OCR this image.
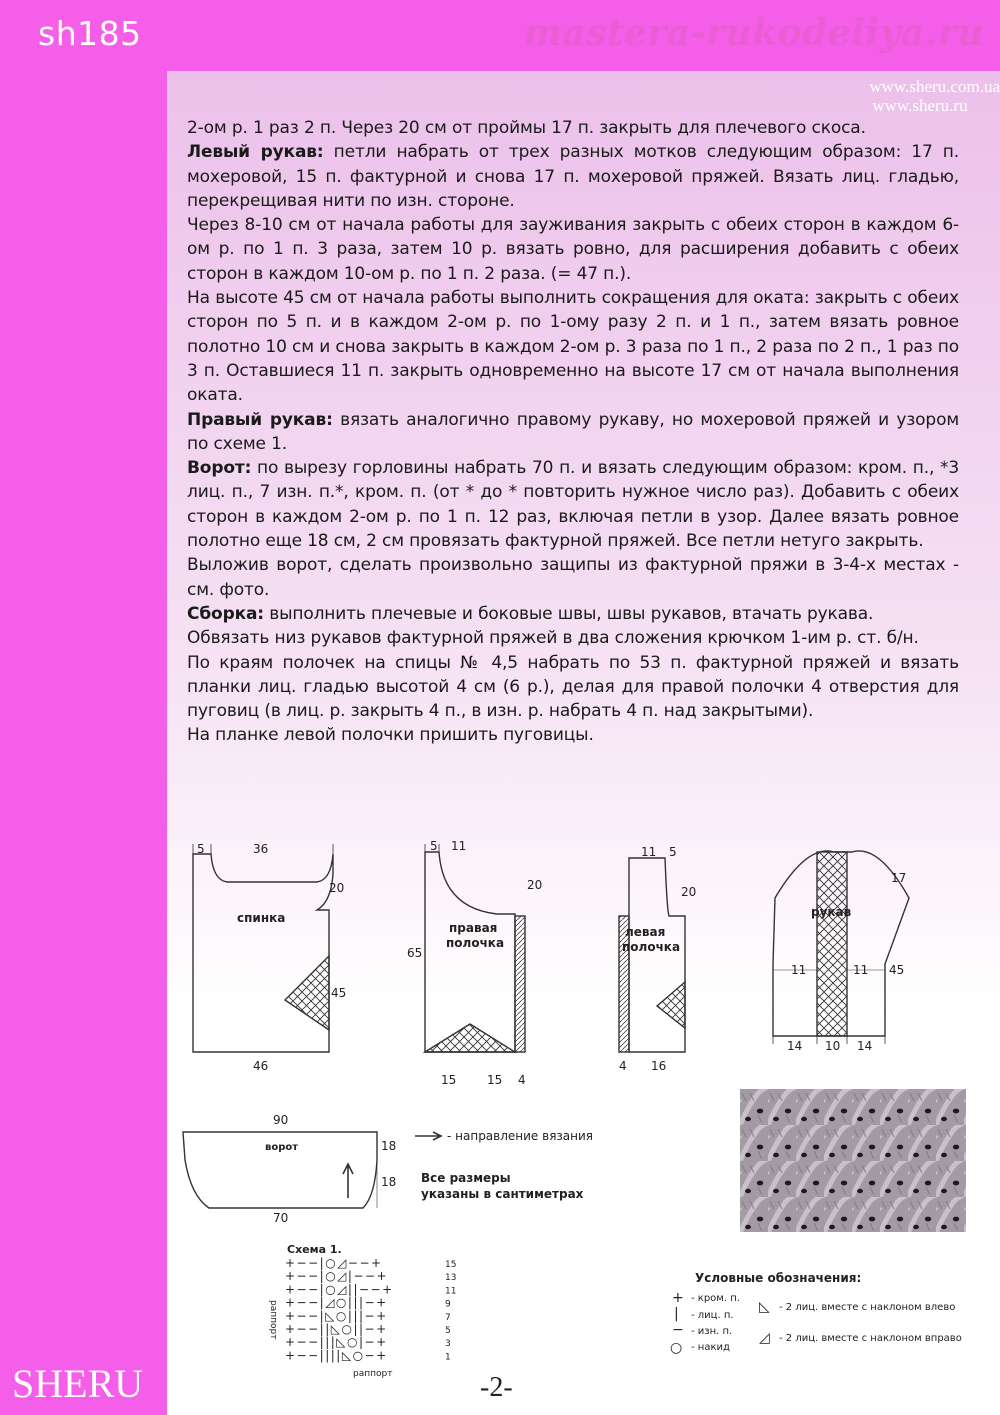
sh185	mastera-rukodeliya.ru
www.sheru.com.ua
www.sheru.ru

2-ом р. 1 раз 2 п. Через 20 см от проймы 17 п. закрыть для плечевого скоса.

Левый рукав: петли набрать от трех разных мотков следующим образом: 17 п. мохеровой, 15 п. фактурной и снова 17 п. мохеровой пряжей. Вязать лиц. гладью, перекрещивая нити по изн. стороне.

Через 8-10 см от начала работы для зауживания закрыть с обеих сторон в каждом 6-ом р. по 1 п. 3 раза, затем 10 р. вязать ровно, для расширения добавить с обеих сторон в каждом 10-ом р. по 1 п. 2 раза. (= 47 п.).

На высоте 45 см от начала работы выполнить сокращения для оката: закрыть с обеих сторон по 5 п. и в каждом 2-ом р. по 1-ому разу 2 п. и 1 п., затем вязать ровное полотно 10 см и снова закрыть в каждом 2-ом р. 3 раза по 1 п., 2 раза по 2 п., 1 раз по 3 п. Оставшиеся 11 п. закрыть одновременно на высоте 17 см от начала выполнения оката.

Правый рукав: вязать аналогично правому рукаву, но мохеровой пряжей и узором по схеме 1.

Ворот: по вырезу горловины набрать 70 п. и вязать следующим образом: кром. п., *3 лиц. п., 7 изн. п.*, кром. п. (от * до * повторить нужное число раз). Добавить с обеих сторон в каждом 2-ом р. по 1 п. 12 раз, включая петли в узор. Далее вязать ровное полотно еще 18 см, 2 см провязать фактурной пряжей. Все петли нетуго закрыть.

Выложив ворот, сделать произвольно защипы из фактурной пряжи в 3-4-х местах - см. фото.

Сборка: выполнить плечевые и боковые швы, швы рукавов, втачать рукава.

Обвязать низ рукавов фактурной пряжей в два сложения крючком 1-им р. ст. б/н.

По краям полочек на спицы № 4,5 набрать по 53 п. фактурной пряжей и вязать планки лиц. гладью высотой 4 см (6 р.), делая для правой полочки 4 отверстия для пуговиц (в лиц. р. закрыть 4 п., в изн. р. набрать 4 п. над закрытыми).

На планке левой полочки пришить пуговицы.

спинка
5	36
20
45
46
правая
полочка
5 11
20
65
15	15 4
левая
полочка
11 5
20
4 16
рукав
17
11	11 45
14 10 14
ворот
90
18
18
70
- направление вязания
Все размеры
указаны в сантиметрах
Схема 1.
раппорт
раппорт
+−−|○◿−−+	15
+−−|○◿|−−+	13
+−−|○◿||−−+	11
+−−|◿○|||−+	9
+−−|◺○|||−+	7
+−−||◺○||−+	5
+−−|||◺○|−+	3
+−−||||◺○−+	1
Условные обозначения:
+ - кром. п.
| - лиц. п.
− - изн. п.
○ - накид
◺ - 2 лиц. вместе с наклоном влево
◿ - 2 лиц. вместе с наклоном вправо
SHERU	-2-
